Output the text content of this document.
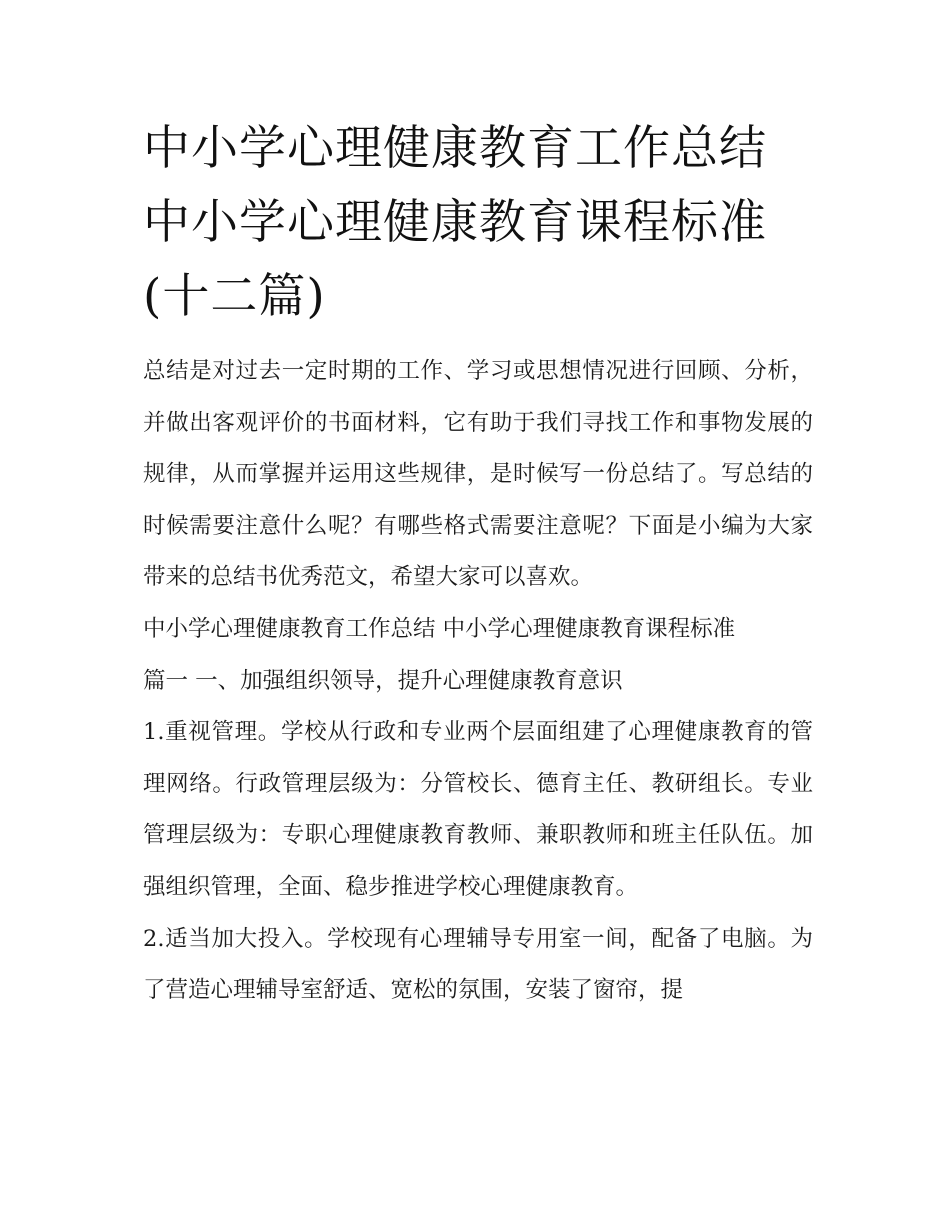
中小学心理健康教育工作总结
中小学心理健康教育课程标准
(十二篇)

总结是对过去一定时期的工作、学习或思想情况进行回顾、分析，并做出客观评价的书面材料，它有助于我们寻找工作和事物发展的规律，从而掌握并运用这些规律，是时候写一份总结了。写总结的时候需要注意什么呢？有哪些格式需要注意呢？下面是小编为大家带来的总结书优秀范文，希望大家可以喜欢。

中小学心理健康教育工作总结 中小学心理健康教育课程标准

篇一 一、加强组织领导，提升心理健康教育意识

1.重视管理。学校从行政和专业两个层面组建了心理健康教育的管理网络。行政管理层级为：分管校长、德育主任、教研组长。专业管理层级为：专职心理健康教育教师、兼职教师和班主任队伍。加强组织管理，全面、稳步推进学校心理健康教育。

2.适当加大投入。学校现有心理辅导专用室一间，配备了电脑。为了营造心理辅导室舒适、宽松的氛围，安装了窗帘，提
